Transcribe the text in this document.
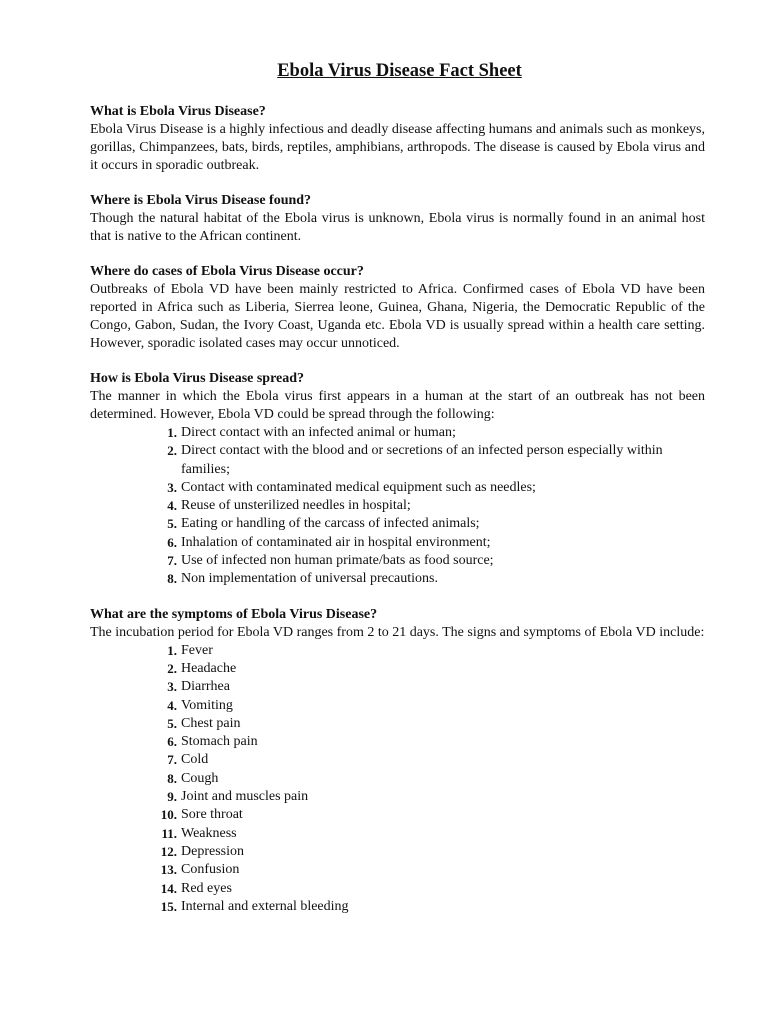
Ebola Virus Disease Fact Sheet
What is Ebola Virus Disease?

Ebola Virus Disease is a highly infectious and deadly disease affecting humans and animals such as monkeys, gorillas, Chimpanzees, bats, birds, reptiles, amphibians, arthropods. The disease is caused by Ebola virus and it occurs in sporadic outbreak.

Where is Ebola Virus Disease found?

Though the natural habitat of the Ebola virus is unknown, Ebola virus is normally found in an animal host that is native to the African continent.

Where do cases of Ebola Virus Disease occur?

Outbreaks of Ebola VD have been mainly restricted to Africa. Confirmed cases of Ebola VD have been reported in Africa such as Liberia, Sierrea leone, Guinea, Ghana, Nigeria, the Democratic Republic of the Congo, Gabon, Sudan, the Ivory Coast, Uganda etc. Ebola VD is usually spread within a health care setting. However, sporadic isolated cases may occur unnoticed.

How is Ebola Virus Disease spread?

The manner in which the Ebola virus first appears in a human at the start of an outbreak has not been determined. However, Ebola VD could be spread through the following:

1. Direct contact with an infected animal or human;
2. Direct contact with the blood and or secretions of an infected person especially within families;
3. Contact with contaminated medical equipment such as needles;
4. Reuse of unsterilized needles in hospital;
5. Eating or handling of the carcass of infected animals;
6. Inhalation of contaminated air in hospital environment;
7. Use of infected non human primate/bats as food source;
8. Non implementation of universal precautions.
What are the symptoms of Ebola Virus Disease?

The incubation period for Ebola VD ranges from 2 to 21 days. The signs and symptoms of Ebola VD include:

1. Fever
2. Headache
3. Diarrhea
4. Vomiting
5. Chest pain
6. Stomach pain
7. Cold
8. Cough
9. Joint and muscles pain
10. Sore throat
11. Weakness
12. Depression
13. Confusion
14. Red eyes
15. Internal and external bleeding
